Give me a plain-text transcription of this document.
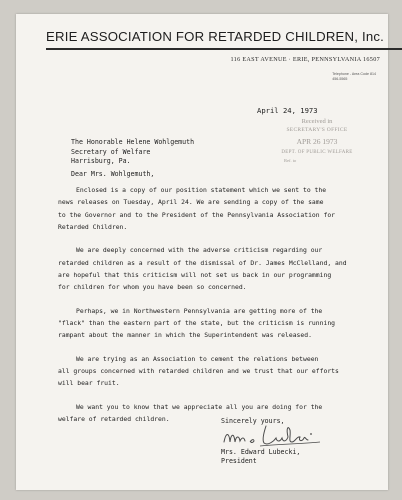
ERIE ASSOCIATION FOR RETARDED CHILDREN, Inc.
116 EAST AVENUE · ERIE, PENNSYLVANIA 16507
Telephone - Area Code 814
456-5565
April 24, 1973
Received in
SECRETARY'S OFFICE
APR 26 1973
DEPT. OF PUBLIC WELFARE
Ref. to
The Honorable Helene Wohlgemuth
Secretary of Welfare
Harrisburg, Pa.
Dear Mrs. Wohlgemuth,

Enclosed is a copy of our position statement which we sent to the
news releases on Tuesday, April 24. We are sending a copy of the same
to the Governor and to the President of the Pennsylvania Association for
Retarded Children.

We are deeply concerned with the adverse criticism regarding our
retarded children as a result of the dismissal of Dr. James McClelland, and
are hopeful that this criticism will not set us back in our programming
for children for whom you have been so concerned.

Perhaps, we in Northwestern Pennsylvania are getting more of the
"flack" than the eastern part of the state, but the criticism is running
rampant about the manner in which the Superintendent was released.

We are trying as an Association to cement the relations between
all groups concerned with retarded children and we trust that our efforts
will bear fruit.

We want you to know that we appreciate all you are doing for the
welfare of retarded children.	Sincerely yours,
Mrs. Edward Lubecki,
President
